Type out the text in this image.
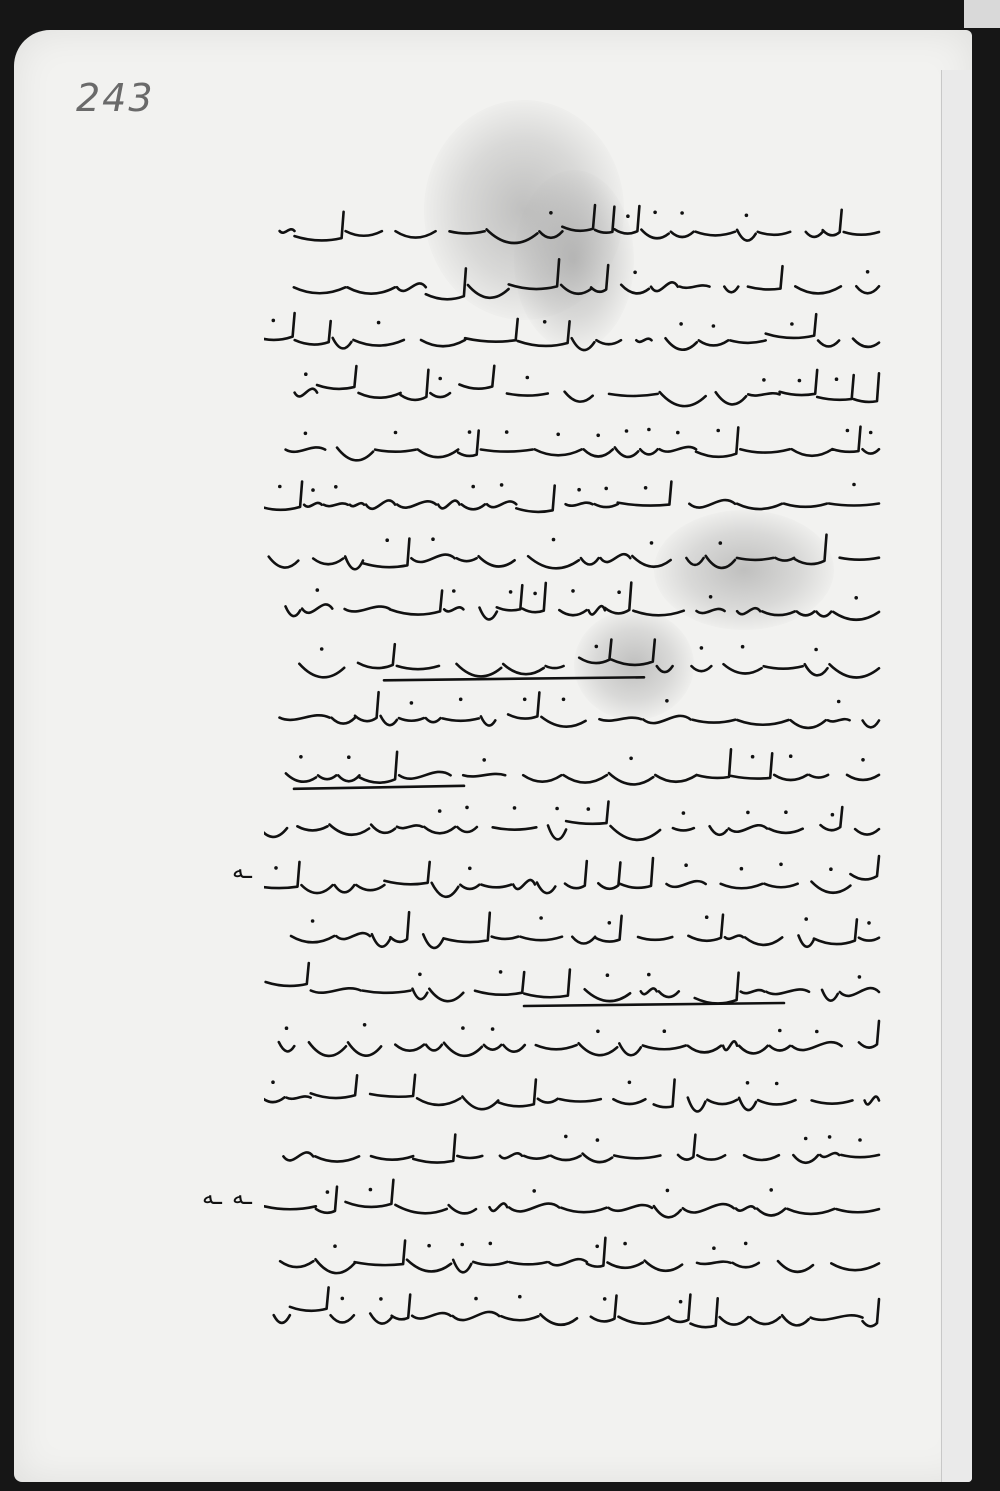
243
ـه
ـه
ـه
